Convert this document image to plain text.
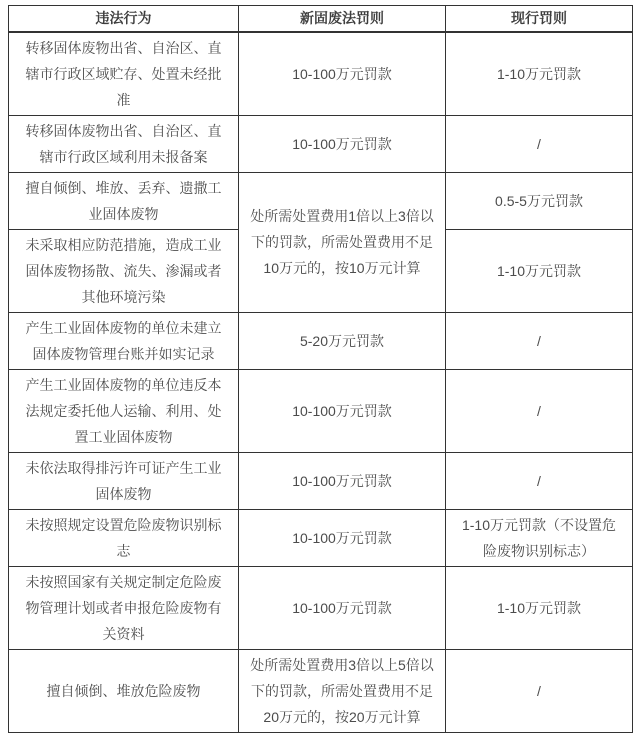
违法行为	新固废法罚则	现行罚则
转移固体废物出省、自治区、直辖市行政区域贮存、处置未经批准	10-100万元罚款	1-10万元罚款
转移固体废物出省、自治区、直辖市行政区域利用未报备案	10-100万元罚款	/
擅自倾倒、堆放、丢弃、遗撒工业固体废物	处所需处置费用1倍以上3倍以下的罚款，所需处置费用不足10万元的，按10万元计算	0.5-5万元罚款
未采取相应防范措施，造成工业固体废物扬散、流失、渗漏或者其他环境污染		1-10万元罚款
产生工业固体废物的单位未建立固体废物管理台账并如实记录	5-20万元罚款	/
产生工业固体废物的单位违反本法规定委托他人运输、利用、处置工业固体废物	10-100万元罚款	/
未依法取得排污许可证产生工业固体废物	10-100万元罚款	/
未按照规定设置危险废物识别标志	10-100万元罚款	1-10万元罚款（不设置危险废物识别标志）
未按照国家有关规定制定危险废物管理计划或者申报危险废物有关资料	10-100万元罚款	1-10万元罚款
擅自倾倒、堆放危险废物	处所需处置费用3倍以上5倍以下的罚款，所需处置费用不足20万元的，按20万元计算	/
